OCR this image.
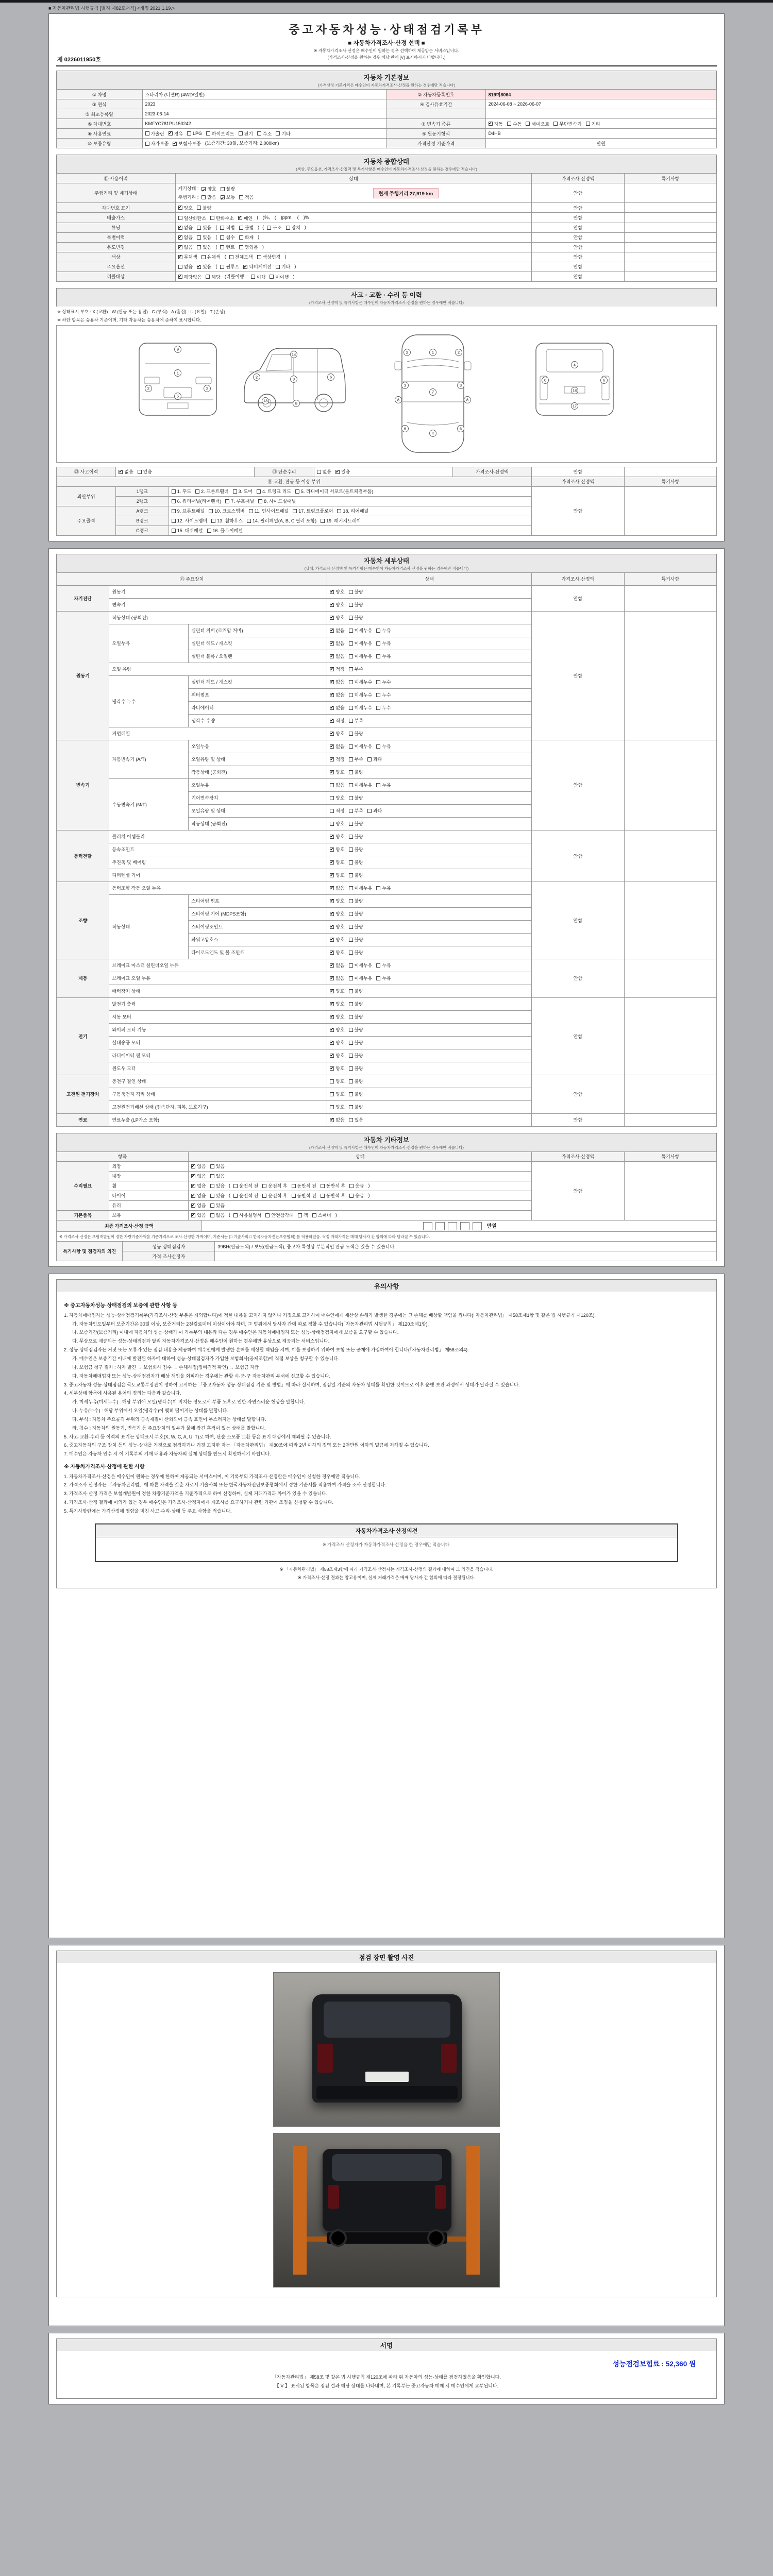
■ 자동차관리법 시행규칙 [별지 제82호서식] <개정 2021.1.19.>
제 0226011950호
중고자동차성능·상태점검기록부
■ 자동차가격조사·산정 선택 ■
※ 자동차가격조사·산정은 매수인이 원하는 경우 선택하여 제공받는 서비스입니다.
(가격조사·산정을 원하는 경우 해당 란에 [V] 표시하시기 바랍니다.)
자동차 기본정보
(가격산정 기준가격은 매수인이 자동차가격조사·산정을 원하는 경우에만 적습니다)
① 차명	스타리아 (디젤R) (4WD/일반)	② 자동차등록번호	819머8064
③ 연식	2023	④ 검사유효기간	2024-06-08 ~ 2026-06-07
⑤ 최초등록일	2023-06-14		
⑥ 차대번호	KMFYC781PU150242	⑦ 변속기 종류	
✔자동 수동 세미오토 무단변속기 기타

⑧ 사용연료	가솔린 ✔ 경유 LPG 하이브리드 전기 수소 기타	⑨ 원동기형식	D4HB
⑩ 보증유형	자가보증 ✔ 보험사보증 (보증기간: 30일, 보증거리: 2,000km)	가격산정 기준가격	만원
자동차 종합상태
(색상, 주요옵션, 가격조사·산정액 및 특기사항은 매수인이 자동차가격조사·산정을 원하는 경우에만 적습니다)
⑪ 사용이력	상태	가격조사·산정액	특기사항
주행거리 및 계기상태	
계기상태 : ✔ 양호 불량
주행거리 : 많음 ✔ 보통 적음
현재 주행거리 27,919 km	안함	
차대번호 표기	
✔양호 불량	안함	
배출가스	일산화탄소 탄화수소 ✔ 매연 (　)%,　(　)ppm,　(　)%	안함	
튜닝	
✔없음 있음 ( 적법 불법 ) ( 구조 장치 )	안함	
특별이력	
✔없음 있음 ( 침수 화재 )	안함	
용도변경	
✔없음 있음 ( 렌트 영업용 )	안함	
색상	
✔무채색 유채색 ( 전체도색 색상변경 )	안함	
주요옵션	없음 ✔ 있음 ( 썬루프 ✔ 네비게이션 기타 )	안함	
리콜대상	
✔해당없음 해당 (리콜이행 : 이행 미이행 )	안함	
사고 · 교환 · 수리 등 이력
(가격조사·산정액 및 특기사항은 매수인이 자동차가격조사·산정을 원하는 경우에만 적습니다)
※ 상태표시 부호 : X (교환) · W (판금 또는 용접) · C (부식) · A (흠집) · U (요철) · T (손상)
※ 하단 항목은 승용차 기준이며, 기타 자동차는 승용차에 준하여 표시합니다.
9
1
2	2
5
14
2	3	6
13
8
2	1	2
3	3
7
8	8
6	6
4
4
6	6
18
17
⑫ 사고이력	
✔없음 있음	⑬ 단순수리	없음 ✔ 있음	가격조사·산정액	안함	
⑭ 교환, 판금 등 이상 부위			가격조사·산정액	특기사항
외판부위	1랭크	1. 후드 2. 프론트휀더 3. 도어 4. 트렁크 리드 5. 라디에이터 서포트(볼트체결부품)	안함	
	2랭크	6. 쿼터패널(리어휀더) 7. 루프패널 8. 사이드실패널		

주요골격	A랭크	9. 프론트패널 10. 크로스멤버 11. 인사이드패널 17. 트렁크플로어 18. 리어패널		

	B랭크	12. 사이드멤버 13. 휠하우스 14. 필러패널(A, B, C 필러 포함) 19. 패키지트레이		

	C랭크	15. 대쉬패널 16. 플로어패널		
자동차 세부상태
(상태, 가격조사·산정액 및 특기사항은 매수인이 자동차가격조사·산정을 원하는 경우에만 적습니다)
⑮ 주요장치			상태	가격조사·산정액	특기사항
자기진단	원동기	
✔양호 불량	안함	
	변속기	
✔양호 불량

원동기	작동상태 (공회전)	
✔양호 불량	안함	
	오일누유	실린더 커버 (로커암 커버)	
✔없음 미세누유 누유

		실린더 헤드 / 개스킷	
✔없음 미세누유 누유

		실린더 블록 / 오일팬	
✔없음 미세누유 누유

	오일 유량	
✔적정 부족

	냉각수 누수	실린더 헤드 / 개스킷	
✔없음 미세누수 누수

		워터펌프	
✔없음 미세누수 누수

		라디에이터	
✔없음 미세누수 누수

		냉각수 수량	
✔적정 부족

	커먼레일	
✔양호 불량

변속기	자동변속기 (A/T)	오일누유	
✔없음 미세누유 누유	안함	
		오일유량 및 상태	
✔적정 부족 과다

		작동상태 (공회전)	
✔양호 불량

	수동변속기 (M/T)	오일누유	없음 미세누유 누유		

		기어변속장치	양호 불량		

		오일유량 및 상태	적정 부족 과다		

		작동상태 (공회전)	양호 불량		

동력전달	클러치 어셈블리	
✔양호 불량	안함	
	등속조인트	
✔양호 불량

	추진축 및 베어링	
✔양호 불량

	디퍼렌셜 기어	
✔양호 불량

조향	동력조향 작동 오일 누유	
✔없음 미세누유 누유	안함	
	작동상태	스티어링 펌프	
✔양호 불량

		스티어링 기어 (MDPS포함)	
✔양호 불량

		스티어링조인트	
✔양호 불량

		파워고압호스	
✔양호 불량

		타이로드엔드 및 볼 조인트	
✔양호 불량

제동	브레이크 마스터 실린더오일 누유	
✔없음 미세누유 누유	안함	
	브레이크 오일 누유	
✔없음 미세누유 누유

	배력장치 상태	
✔양호 불량

전기	발전기 출력	
✔양호 불량	안함	
	시동 모터	
✔양호 불량

	와이퍼 모터 기능	
✔양호 불량

	실내송풍 모터	
✔양호 불량

	라디에이터 팬 모터	
✔양호 불량

	윈도우 모터	
✔양호 불량

고전원 전기장치	충전구 절연 상태		양호 불량	안함	
	구동축전지 격리 상태		양호 불량		

	고전원전기배선 상태 (접속단자, 피복, 보호기구)		양호 불량		

연료	연료누출 (LP가스 포함)	
✔없음 있음	안함	
자동차 기타정보
(가격조사·산정액 및 특기사항은 매수인이 자동차가격조사·산정을 원하는 경우에만 적습니다)
항목		상태	가격조사·산정액	특기사항
수리필요	외장	
✔없음 있음	안함	
	내장	
✔없음 있음

휠	
✔없음 있음 ( 운전석 전 운전석 후 동반석 전 동반석 후 응급 )
타이어	
✔없음 있음 ( 운전석 전 운전석 후 동반석 전 동반석 후 응급 )
	유리	
✔없음 있음

기본품목	보유	
✔있음 없음 ( 사용설명서 안전삼각대 잭 스패너 )
최종 가격조사·산정 금액	만원
※ 가격조사·산정은 보험개발원이 정한 차량기준가액을 기준가격으로 조사·산정한 가액이며, 기준서는 (□ 기술사회 □ 한국자동차진단보증협회) 를 적용하였음. 적정 거래가격은 매매 당사자 간 합의에 따라 달라질 수 있습니다.
특기사항 및 점검자의 의견	성능·상태점검자	39BH(판금도색) / 보닛(판금도색), 중고차 특성상 부분적인 판금 도색은 있을 수 있습니다.
	가격·조사산정자	
유의사항
※ 중고자동차성능·상태점검의 보증에 관한 사항 등
1. 자동차매매업자는 성능·상태점검기록부(가격조사·산정 부분은 제외합니다)에 적힌 내용을 고지하지 않거나 거짓으로 고지하여 매수인에게 재산상 손해가 발생한 경우에는 그 손해를 배상할 책임을 집니다(「자동차관리법」 제58조제1항 및 같은 법 시행규칙 제120조).
가. 자동차인도일부터 보증기간은 30일 이상, 보증거리는 2천킬로미터 이상이어야 하며, 그 범위에서 당사자 간에 따로 정할 수 있습니다(「자동차관리법 시행규칙」 제120조제1항).
나. 보증기간(보증거리) 이내에 자동차의 성능·상태가 이 기록부의 내용과 다른 경우 매수인은 자동차매매업자 또는 성능·상태점검자에게 보증을 요구할 수 있습니다.
다. 무상으로 제공되는 성능·상태점검과 달리 자동차가격조사·산정은 매수인이 원하는 경우에만 유상으로 제공되는 서비스입니다.
2. 성능·상태점검자는 거짓 또는 오류가 있는 점검 내용을 제공하여 매수인에게 발생한 손해를 배상할 책임을 지며, 이를 보장하기 위하여 보험 또는 공제에 가입하여야 합니다(「자동차관리법」 제58조의4).
가. 매수인은 보증기간 이내에 발견된 하자에 대하여 성능·상태점검자가 가입한 보험회사(공제조합)에 직접 보상을 청구할 수 있습니다.
나. 보험금 청구 절차 : 하자 발견 → 보험회사 접수 → 손해사정(정비견적 확인) → 보험금 지급
다. 자동차매매업자 또는 성능·상태점검자가 배상 책임을 회피하는 경우에는 관할 시·군·구 자동차관리 부서에 신고할 수 있습니다.
3. 중고자동차 성능·상태점검은 국토교통부장관이 정하여 고시하는 「중고자동차 성능·상태점검 기준 및 방법」에 따라 실시하며, 점검일 기준의 자동차 상태를 확인한 것이므로 이후 운행·보관 과정에서 상태가 달라질 수 있습니다.
4. 세부상태 항목에 사용된 용어의 정의는 다음과 같습니다.
가. 미세누유(미세누수) : 해당 부위에 오일(냉각수)이 비치는 정도로서 부품 노후로 인한 자연스러운 현상을 말합니다.
나. 누유(누수) : 해당 부위에서 오일(냉각수)이 맺혀 떨어지는 상태를 말합니다.
다. 부식 : 자동차 주요골격 부위의 금속재질이 산화되어 금속 표면이 부스러지는 상태를 말합니다.
라. 침수 : 자동차의 원동기, 변속기 등 주요장치의 일부가 물에 잠긴 흔적이 있는 상태를 말합니다.
5. 사고·교환·수리 등 이력의 표기는 상태표시 부호(X, W, C, A, U, T)로 하며, 단순 소모품 교환 등은 표기 대상에서 제외될 수 있습니다.
6. 중고자동차의 구조·장치 등의 성능·상태를 거짓으로 점검하거나 거짓 고지한 자는 「자동차관리법」 제80조에 따라 2년 이하의 징역 또는 2천만원 이하의 벌금에 처해질 수 있습니다.
7. 매수인은 자동차 인수 시 이 기록부의 기재 내용과 자동차의 실제 상태를 반드시 확인하시기 바랍니다.
※ 자동차가격조사·산정에 관한 사항
1. 자동차가격조사·산정은 매수인이 원하는 경우에 한하여 제공되는 서비스이며, 이 기록부의 가격조사·산정란은 매수인이 신청한 경우에만 적습니다.
2. 가격조사·산정자는 「자동차관리법」에 따른 자격을 갖춘 자로서 기술사회 또는 한국자동차진단보증협회에서 정한 기준서를 적용하여 가격을 조사·산정합니다.
3. 가격조사·산정 가격은 보험개발원이 정한 차량기준가액을 기준가격으로 하여 산정하며, 실제 거래가격과 차이가 있을 수 있습니다.
4. 가격조사·산정 결과에 이의가 있는 경우 매수인은 가격조사·산정자에게 재조사를 요구하거나 관련 기관에 조정을 신청할 수 있습니다.
5. 특기사항란에는 가격산정에 영향을 미친 사고·수리·상태 등 주요 사항을 적습니다.
자동차가격조사·산정의견
※ 가격조사·산정자가 자동차가격조사·산정을 한 경우에만 적습니다.
※ 「자동차관리법」 제58조제3항에 따라 가격조사·산정자는 가격조사·산정의 결과에 대하여 그 의견을 적습니다.
※ 가격조사·산정 결과는 참고용이며, 실제 거래가격은 매매 당사자 간 합의에 따라 결정됩니다.
점검 장면 촬영 사진
서명
성능점검보험료 : 52,360 원
「자동차관리법」 제58조 및 같은 법 시행규칙 제120조에 따라 위 자동차의 성능·상태를 점검하였음을 확인합니다.
【 V 】 표시된 항목은 점검 결과 해당 상태를 나타내며, 본 기록부는 중고자동차 매매 시 매수인에게 교부됩니다.
